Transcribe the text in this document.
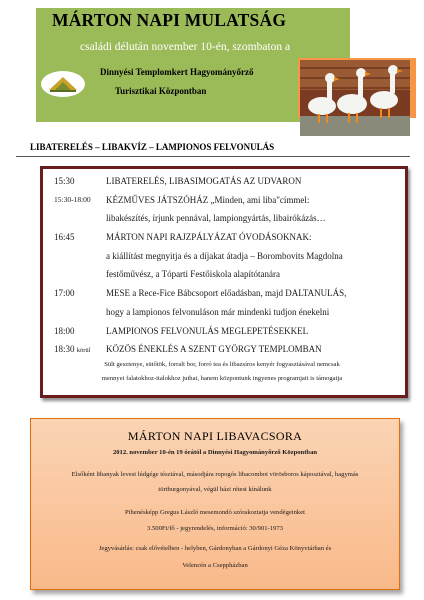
MÁRTON NAPI MULATSÁG
családi délután november 10-én, szombaton a
Dinnyési Templomkert Hagyományőrző
Turisztikai Központban
LIBATERELÉS – LIBAKVÍZ – LAMPIONOS FELVONULÁS
15:30	LIBATERELÉS, LIBASIMOGATÁS AZ UDVARON
15:30-18:00 KÉZMŰVES JÁTSZÓHÁZ „Minden, ami liba"címmel:
libakészítés, írjunk pennával, lampiongyártás, libairókázás…
16:45	MÁRTON NAPI RAJZPÁLYÁZAT ÓVODÁSOKNAK:
a kiállítást megnyitja és a díjakat átadja – Borombovits Magdolna
festőművész, a Tóparti Festőiskola alapítótanára
17:00	MESE a Rece-Fice Bábcsoport előadásban, majd DALTANULÁS,
hogy a lampionos felvonuláson már mindenki tudjon énekelni
18:00	LAMPIONOS FELVONULÁS MEGLEPETÉSEKKEL
18:30 körül KÖZÖS ÉNEKLÉS A SZENT GYÖRGY TEMPLOMBAN
Sült gesztenye, sütőtök, forralt bor, forró tea és libazsíros kenyér fogyasztásával nemcsak
mennyei falatokhoz-italokhoz juthat, hanem központunk ingyenes programjait is támogatja
MÁRTON NAPI LIBAVACSORA
2012. november 10-én 19 órától a Dinnyési Hagyományőrző Központban
Elsőként libanyak levest lúdgége tésztával, másodjára ropogós libacombot vörösboros káposztával, hagymás
törtburgonyával, végül házi rétest kínálunk
Pihenésképp Gregus László mesemondó szórakoztatja vendégeinket
3.500Ft/fő - jegyrendelés, információ: 30/901-1973
Jegyvásárlás: csak elővételben - helyben, Gárdonyban a Gárdonyi Géza Könyvtárban és
Velencén a Cseppházban
